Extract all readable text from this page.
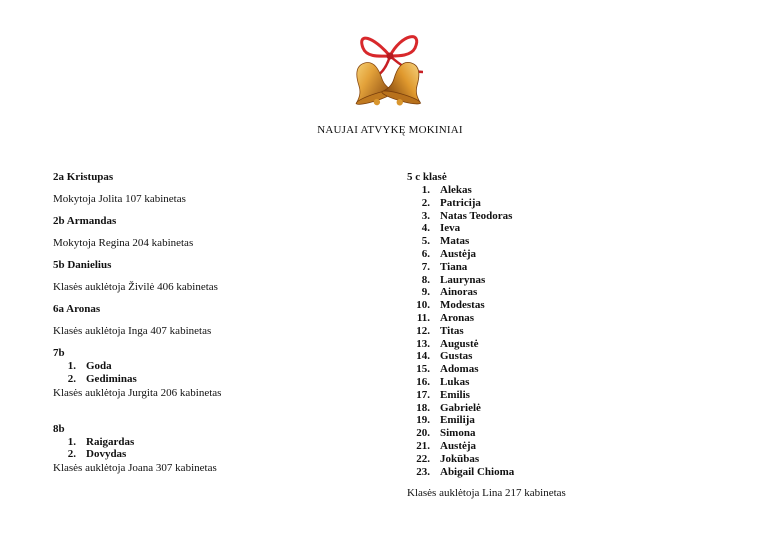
NAUJAI ATVYKĘ MOKINIAI
2a Kristupas
Mokytoja Jolita 107 kabinetas
2b Armandas
Mokytoja Regina 204 kabinetas
5b Danielius
Klasės auklėtoja Živilė 406 kabinetas
6a Aronas
Klasės auklėtoja Inga 407 kabinetas
7b
1. Goda
2. Gediminas
Klasės auklėtoja Jurgita 206 kabinetas
8b
1. Raigardas
2. Dovydas
Klasės auklėtoja Joana 307 kabinetas
5 c klasė
1. Alekas
2. Patricija
3. Natas Teodoras
4. Ieva
5. Matas
6. Austėja
7. Tiana
8. Laurynas
9. Ainoras
10. Modestas
11. Aronas
12. Titas
13. Augustė
14. Gustas
15. Adomas
16. Lukas
17. Emilis
18. Gabrielė
19. Emilija
20. Simona
21. Austėja
22. Jokūbas
23. Abigail Chioma
Klasės auklėtoja Lina 217 kabinetas
